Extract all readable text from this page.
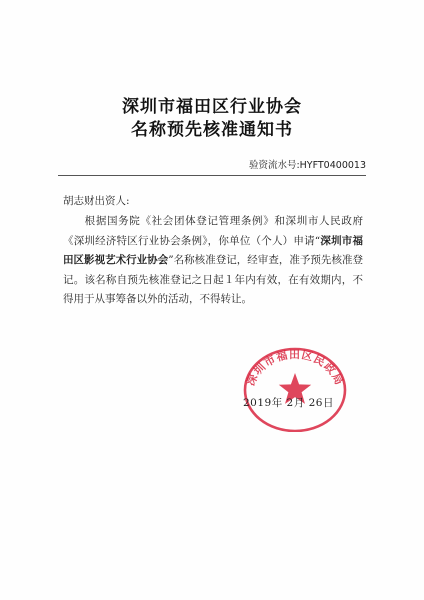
深圳市福田区行业协会
名称预先核准通知书
验资流水号:HYFT0400013
胡志财出资人:
根据国务院《社会团体登记管理条例》和深圳市人民政府《深圳经济特区行业协会条例》，你单位（个人）申请“深圳市福田区影视艺术行业协会”名称核准登记，经审查，准予预先核准登记。该名称自预先核准登记之日起１年内有效，在有效期内，不得用于从事筹备以外的活动，不得转让。
深圳市福田区民政局
2019年 2月 26日
